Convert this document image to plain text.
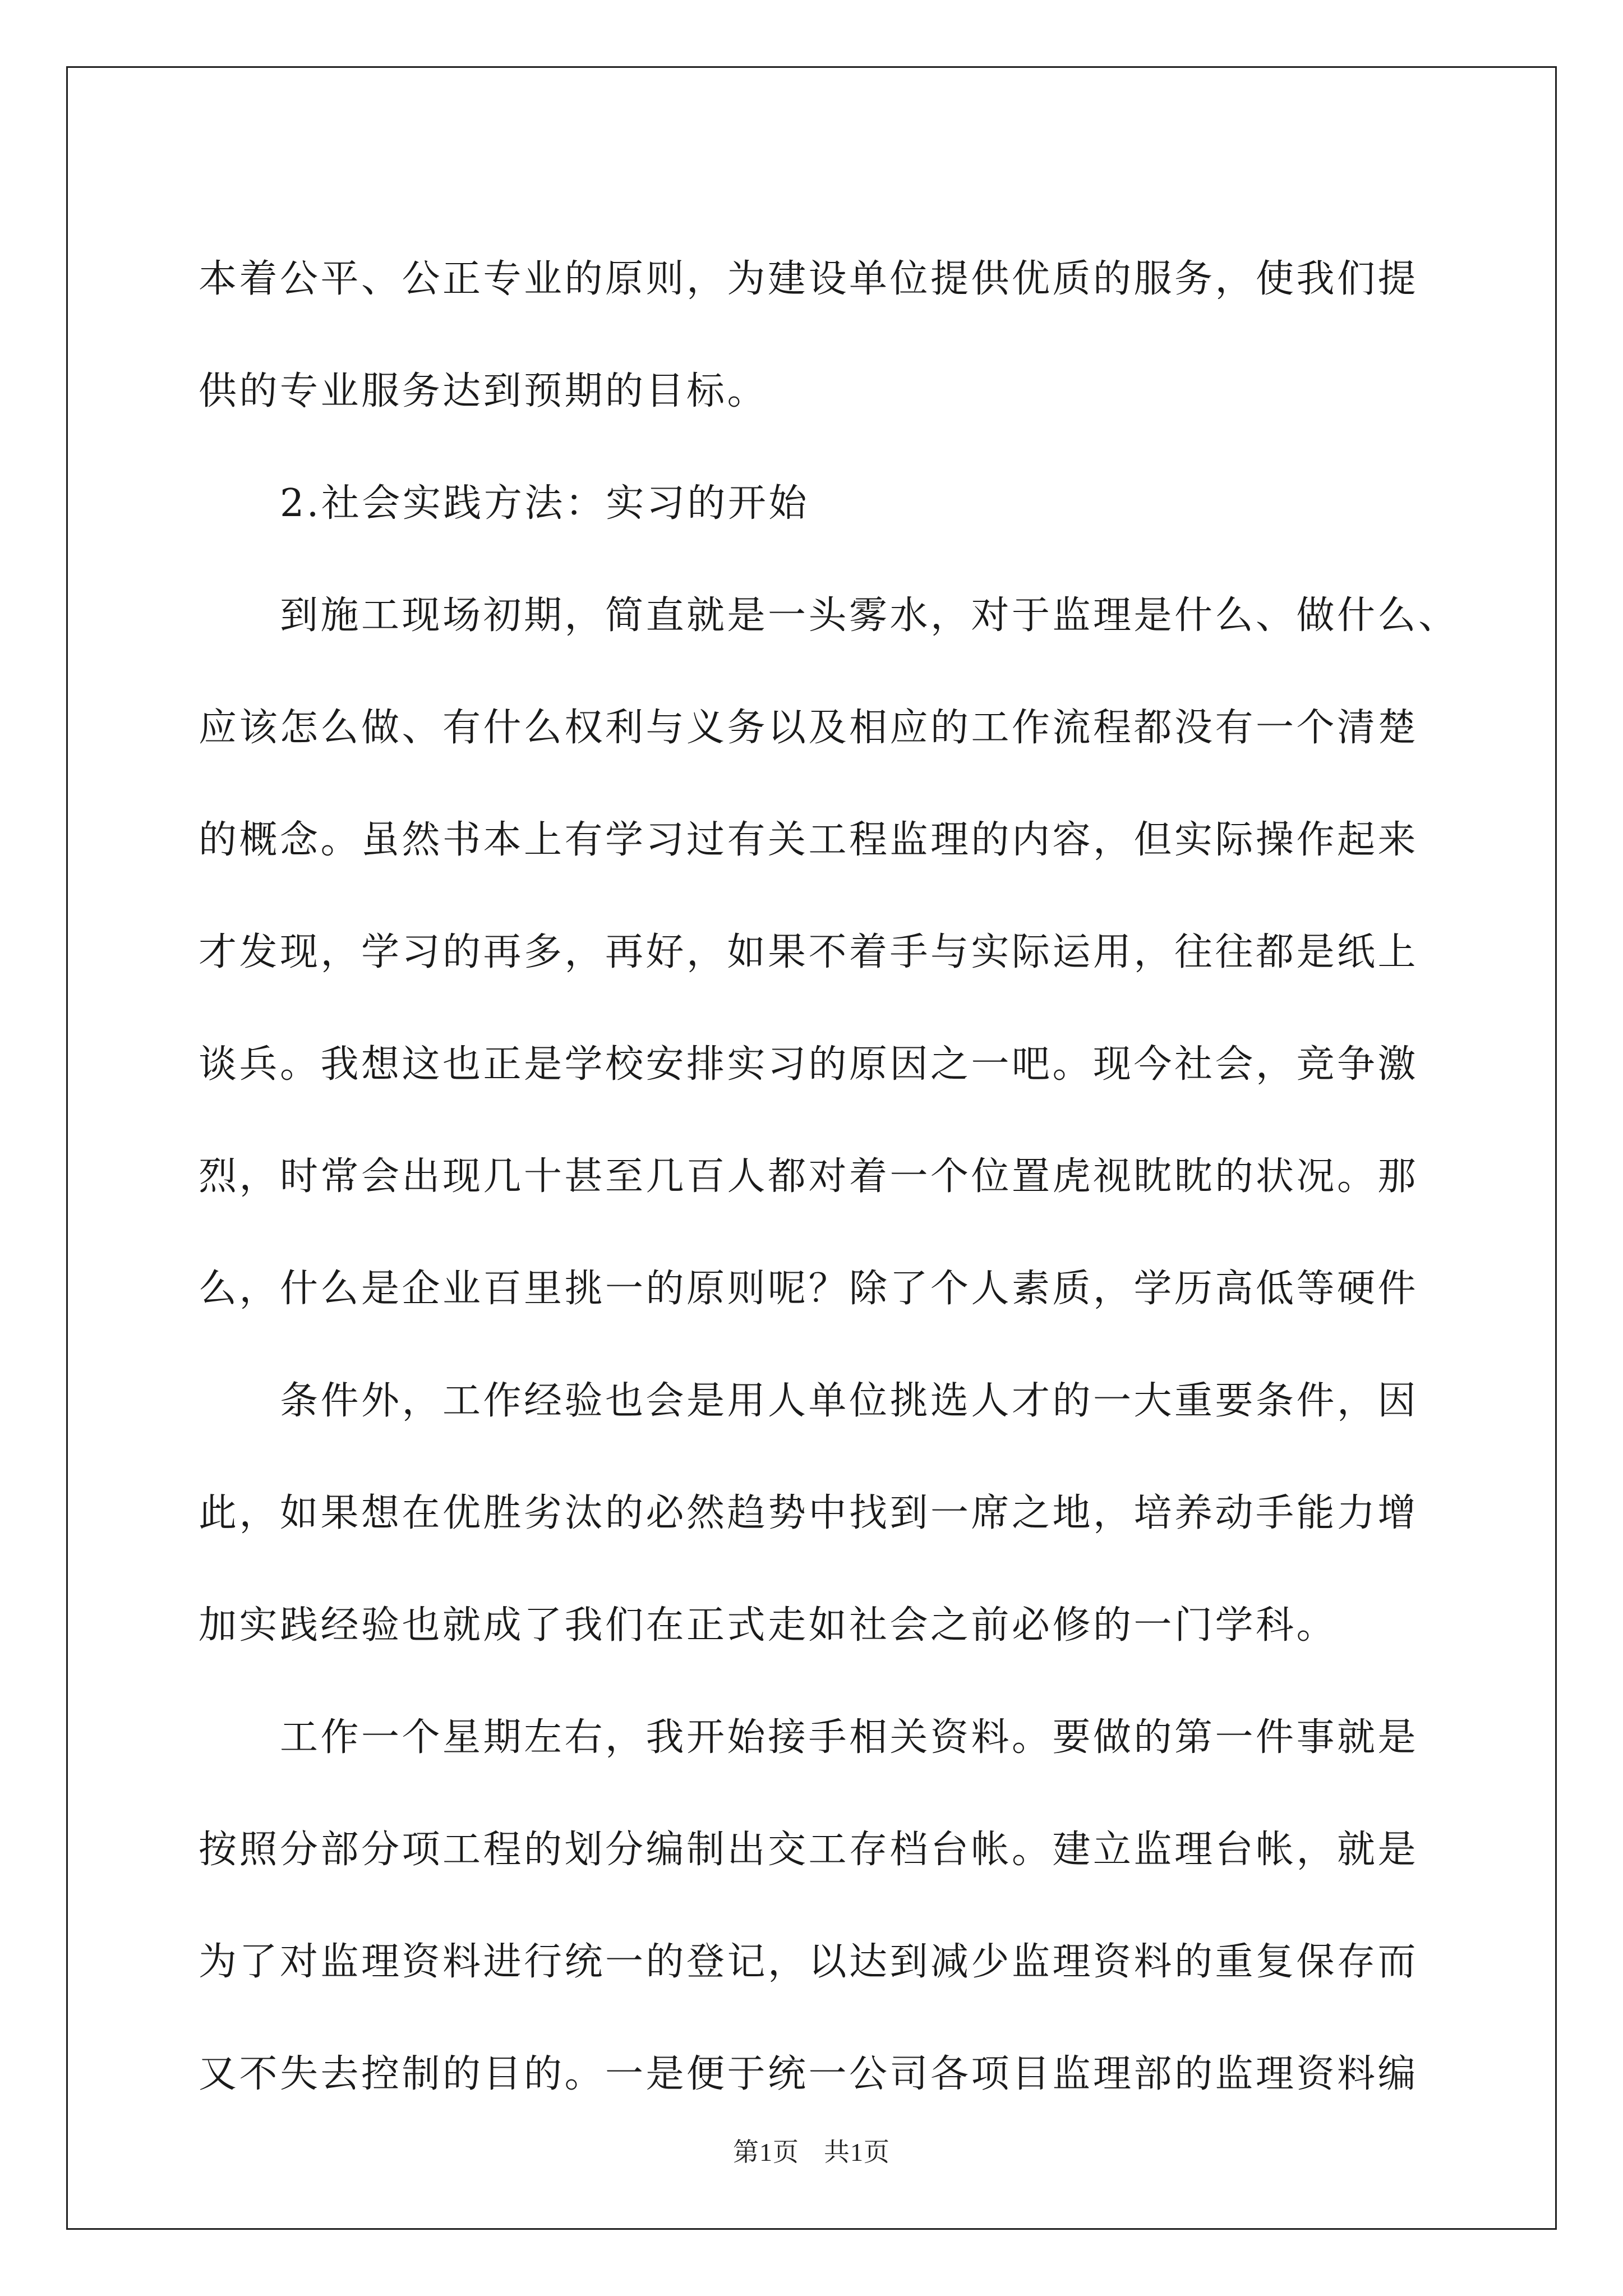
本着公平、公正专业的原则，为建设单位提供优质的服务，使我们提
供的专业服务达到预期的目标。
2.社会实践方法：实习的开始
到施工现场初期，简直就是一头雾水，对于监理是什么、做什么、
应该怎么做、有什么权利与义务以及相应的工作流程都没有一个清楚
的概念。虽然书本上有学习过有关工程监理的内容，但实际操作起来
才发现，学习的再多，再好，如果不着手与实际运用，往往都是纸上
谈兵。我想这也正是学校安排实习的原因之一吧。现今社会，竞争激
烈，时常会出现几十甚至几百人都对着一个位置虎视眈眈的状况。那
么，什么是企业百里挑一的原则呢？除了个人素质，学历高低等硬件
条件外，工作经验也会是用人单位挑选人才的一大重要条件，因
此，如果想在优胜劣汰的必然趋势中找到一席之地，培养动手能力增
加实践经验也就成了我们在正式走如社会之前必修的一门学科。
工作一个星期左右，我开始接手相关资料。要做的第一件事就是
按照分部分项工程的划分编制出交工存档台帐。建立监理台帐，就是
为了对监理资料进行统一的登记，以达到减少监理资料的重复保存而
又不失去控制的目的。一是便于统一公司各项目监理部的监理资料编
第1页 共1页
